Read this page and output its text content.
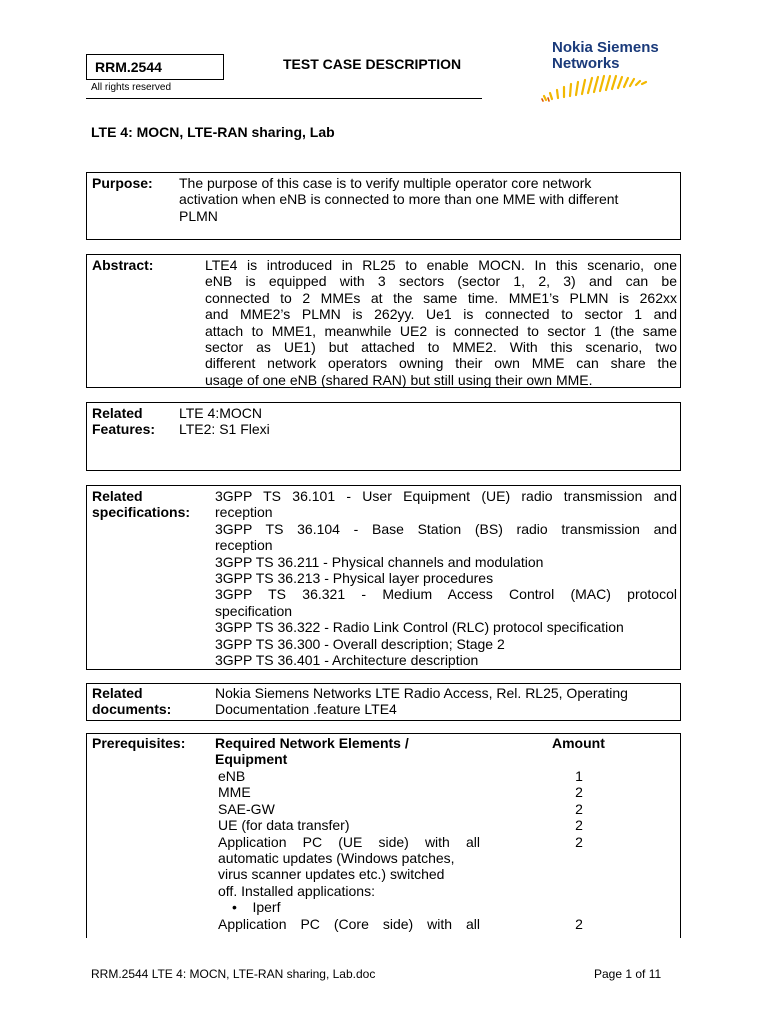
RRM.2544
All rights reserved
TEST CASE DESCRIPTION
Nokia Siemens
Networks
LTE 4: MOCN, LTE-RAN sharing, Lab
Purpose: The purpose of this case is to verify multiple operator core network
activation when eNB is connected to more than one MME with different
PLMN
Abstract:	LTE4 is introduced in RL25 to enable MOCN. In this scenario, one
eNB is equipped with 3 sectors (sector 1, 2, 3) and can be
connected to 2 MMEs at the same time. MME1’s PLMN is 262xx
and MME2’s PLMN is 262yy. Ue1 is connected to sector 1 and
attach to MME1, meanwhile UE2 is connected to sector 1 (the same
sector as UE1) but attached to MME2. With this scenario, two
different network operators owning their own MME can share the
usage of one eNB (shared RAN) but still using their own MME.
Related
Features:
LTE 4:MOCN
LTE2: S1 Flexi
Related
specifications:
3GPP TS 36.101 - User Equipment (UE) radio transmission and
reception
3GPP TS 36.104 - Base Station (BS) radio transmission and
reception
3GPP TS 36.211 - Physical channels and modulation
3GPP TS 36.213 - Physical layer procedures
3GPP TS 36.321 - Medium Access Control (MAC) protocol
specification
3GPP TS 36.322 - Radio Link Control (RLC) protocol specification
3GPP TS 36.300 - Overall description; Stage 2
3GPP TS 36.401 - Architecture description
Related
documents:
Nokia Siemens Networks LTE Radio Access, Rel. RL25, Operating
Documentation .feature LTE4
Prerequisites: Required Network Elements /
Equipment
Amount
eNB
MME
SAE-GW
UE (for data transfer)
Application PC (UE side) with all
automatic updates (Windows patches,
virus scanner updates etc.) switched
off. Installed applications:
• Iperf
Application PC (Core side) with all
1
2
2
2
2
2
RRM.2544 LTE 4: MOCN, LTE-RAN sharing, Lab.doc	Page 1 of 11
